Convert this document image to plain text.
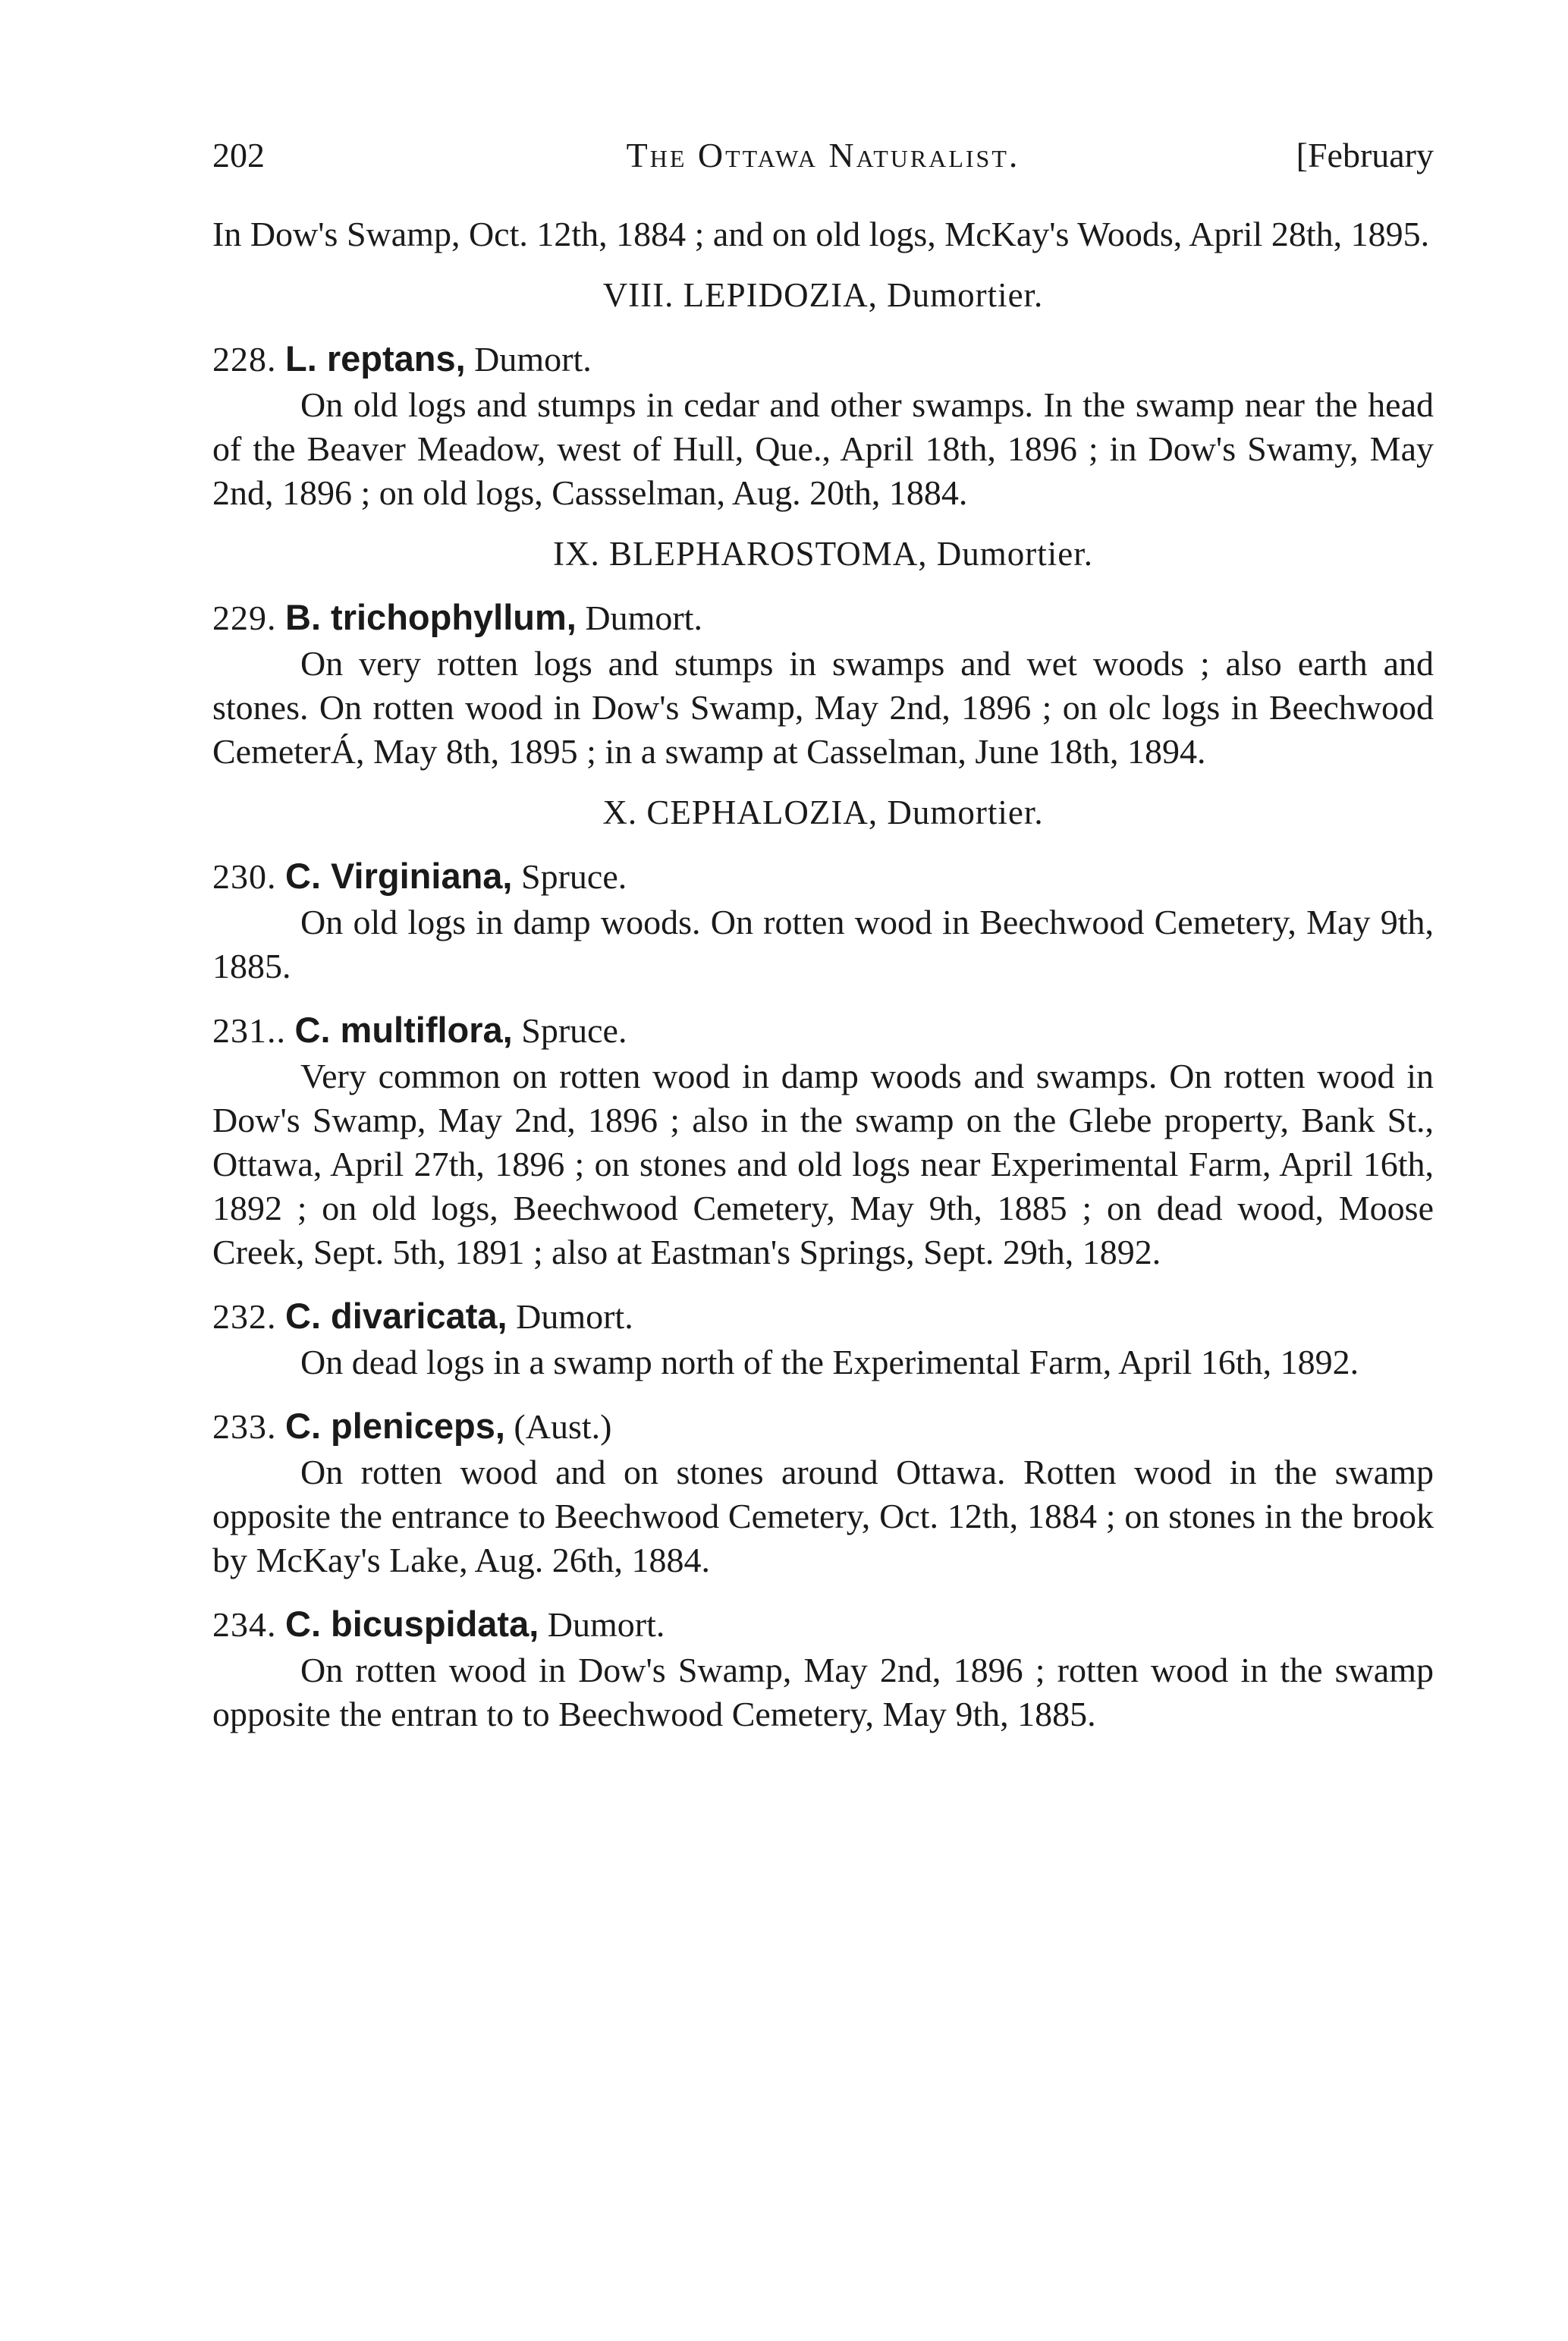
202	The Ottawa Naturalist.	[February

In Dow's Swamp, Oct. 12th, 1884 ; and on old logs, McKay's Woods, April 28th, 1895.

VIII. LEPIDOZIA, Dumortier.
228. L. reptans, Dumort.

On old logs and stumps in cedar and other swamps. In the swamp near the head of the Beaver Meadow, west of Hull, Que., April 18th, 1896 ; in Dow's Swamy, May 2nd, 1896 ; on old logs, Cassselman, Aug. 20th, 1884.

IX. BLEPHAROSTOMA, Dumortier.
229. B. trichophyllum, Dumort.

On very rotten logs and stumps in swamps and wet woods ; also earth and stones. On rotten wood in Dow's Swamp, May 2nd, 1896 ; on olc logs in Beechwood CemeterÁ, May 8th, 1895 ; in a swamp at Casselman, June 18th, 1894.

X. CEPHALOZIA, Dumortier.
230. C. Virginiana, Spruce.

On old logs in damp woods. On rotten wood in Beechwood Cemetery, May 9th, 1885.

231.. C. multiflora, Spruce.

Very common on rotten wood in damp woods and swamps. On rotten wood in Dow's Swamp, May 2nd, 1896 ; also in the swamp on the Glebe property, Bank St., Ottawa, April 27th, 1896 ; on stones and old logs near Experimental Farm, April 16th, 1892 ; on old logs, Beechwood Cemetery, May 9th, 1885 ; on dead wood, Moose Creek, Sept. 5th, 1891 ; also at Eastman's Springs, Sept. 29th, 1892.

232. C. divaricata, Dumort.

On dead logs in a swamp north of the Experimental Farm, April 16th, 1892.

233. C. pleniceps, (Aust.)

On rotten wood and on stones around Ottawa. Rotten wood in the swamp opposite the entrance to Beechwood Cemetery, Oct. 12th, 1884 ; on stones in the brook by McKay's Lake, Aug. 26th, 1884.

234. C. bicuspidata, Dumort.

On rotten wood in Dow's Swamp, May 2nd, 1896 ; rotten wood in the swamp opposite the entran to to Beechwood Cemetery, May 9th, 1885.
